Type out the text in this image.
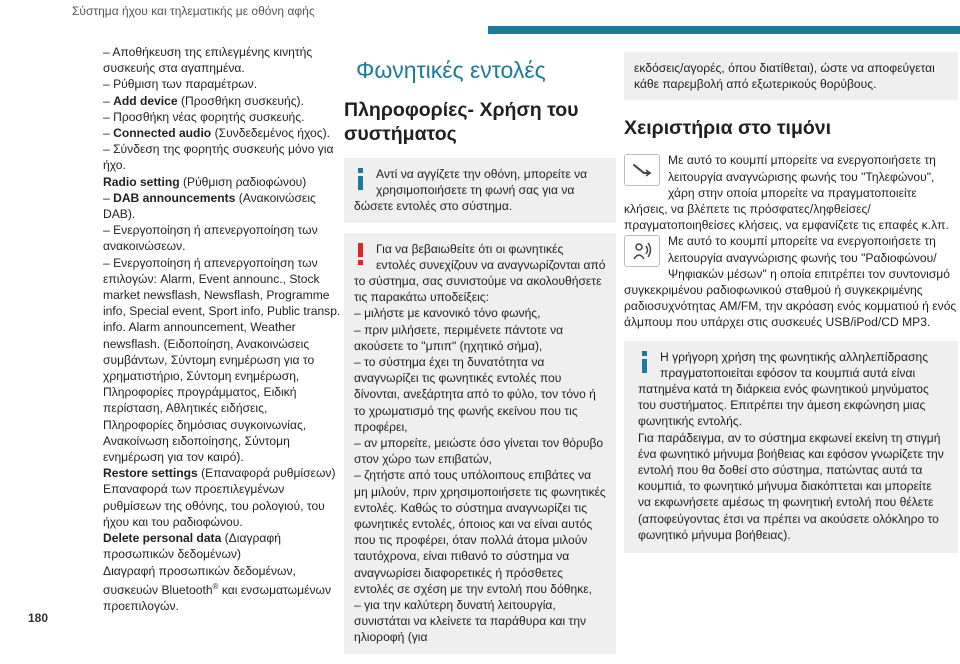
Σύστημα ήχου και τηλεματικής με οθόνη αφής

– Αποθήκευση της επιλεγμένης κινητής συσκευής στα αγαπημένα.

– Ρύθμιση των παραμέτρων.

– Add device (Προσθήκη συσκευής).

– Προσθήκη νέας φορητής συσκευής.

– Connected audio (Συνδεδεμένος ήχος).

– Σύνδεση της φορητής συσκευής μόνο για ήχο.

Radio setting (Ρύθμιση ραδιοφώνου)

– DAB announcements (Ανακοινώσεις DAB).

– Ενεργοποίηση ή απενεργοποίηση των ανακοινώσεων.

– Ενεργοποίηση ή απενεργοποίηση των επιλογών: Alarm, Event announc., Stock market newsflash, Newsflash, Programme info, Special event, Sport info, Public transp. info. Alarm announcement, Weather newsflash. (Ειδοποίηση, Ανακοινώσεις συμβάντων, Σύντομη ενημέρωση για το χρηματιστήριο, Σύντομη ενημέρωση, Πληροφορίες προγράμματος, Ειδική περίσταση, Αθλητικές ειδήσεις, Πληροφορίες δημόσιας συγκοινωνίας, Ανακοίνωση ειδοποίησης, Σύντομη ενημέρωση για τον καιρό).

Restore settings (Επαναφορά ρυθμίσεων)

Επαναφορά των προεπιλεγμένων ρυθμίσεων της οθόνης, του ρολογιού, του ήχου και του ραδιοφώνου.

Delete personal data (Διαγραφή προσωπικών δεδομένων)

Διαγραφή προσωπικών δεδομένων, συσκευών Bluetooth® και ενσωματωμένων προεπιλογών.

Φωνητικές εντολές

Πληροφορίες- Χρήση του συστήματος

Αντί να αγγίζετε την οθόνη, μπορείτε να χρησιμοποιήσετε τη φωνή σας για να δώσετε εντολές στο σύστημα.

Για να βεβαιωθείτε ότι οι φωνητικές εντολές συνεχίζουν να αναγνωρίζονται από το σύστημα, σας συνιστούμε να ακολουθήσετε τις παρακάτω υποδείξεις:

– μιλήστε με κανονικό τόνο φωνής,

– πριν μιλήσετε, περιμένετε πάντοτε να ακούσετε το "μπιπ" (ηχητικό σήμα),

– το σύστημα έχει τη δυνατότητα να αναγνωρίζει τις φωνητικές εντολές που δίνονται, ανεξάρτητα από το φύλο, τον τόνο ή το χρωματισμό της φωνής εκείνου που τις προφέρει,

– αν μπορείτε, μειώστε όσο γίνεται τον θόρυβο στον χώρο των επιβατών,

– ζητήστε από τους υπόλοιπους επιβάτες να μη μιλούν, πριν χρησιμοποιήσετε τις φωνητικές εντολές. Καθώς το σύστημα αναγνωρίζει τις φωνητικές εντολές, όποιος και να είναι αυτός που τις προφέρει, όταν πολλά άτομα μιλούν ταυτόχρονα, είναι πιθανό το σύστημα να αναγνωρίσει διαφορετικές ή πρόσθετες εντολές σε σχέση με την εντολή που δόθηκε,

– για την καλύτερη δυνατή λειτουργία, συνιστάται να κλείνετε τα παράθυρα και την ηλιοροφή (για

εκδόσεις/αγορές, όπου διατίθεται), ώστε να αποφεύγεται κάθε παρεμβολή από εξωτερικούς θορύβους.

Χειριστήρια στο τιμόνι

Με αυτό το κουμπί μπορείτε να ενεργοποιήσετε τη λειτουργία αναγνώρισης φωνής του "Τηλεφώνου", χάρη στην οποία μπορείτε να πραγματοποιείτε κλήσεις, να βλέπετε τις πρόσφατες/ληφθείσες/πραγματοποιηθείσες κλήσεις, να εμφανίζετε τις επαφές κ.λπ.

Με αυτό το κουμπί μπορείτε να ενεργοποιήσετε τη λειτουργία αναγνώρισης φωνής του "Ραδιοφώνου/Ψηφιακών μέσων" η οποία επιτρέπει τον συντονισμό συγκεκριμένου ραδιοφωνικού σταθμού ή συγκεκριμένης ραδιοσυχνότητας AM/FM, την ακρόαση ενός κομματιού ή ενός άλμπουμ που υπάρχει στις συσκευές USB/iPod/CD MP3.

Η γρήγορη χρήση της φωνητικής αλληλεπίδρασης πραγματοποιείται εφόσον τα κουμπιά αυτά είναι πατημένα κατά τη διάρκεια ενός φωνητικού μηνύματος του συστήματος. Επιτρέπει την άμεση εκφώνηση μιας φωνητικής εντολής.

Για παράδειγμα, αν το σύστημα εκφωνεί εκείνη τη στιγμή ένα φωνητικό μήνυμα βοήθειας και εφόσον γνωρίζετε την εντολή που θα δοθεί στο σύστημα, πατώντας αυτά τα κουμπιά, το φωνητικό μήνυμα διακόπτεται και μπορείτε να εκφωνήσετε αμέσως τη φωνητική εντολή που θέλετε (αποφεύγοντας έτσι να πρέπει να ακούσετε ολόκληρο το φωνητικό μήνυμα βοήθειας).

180
